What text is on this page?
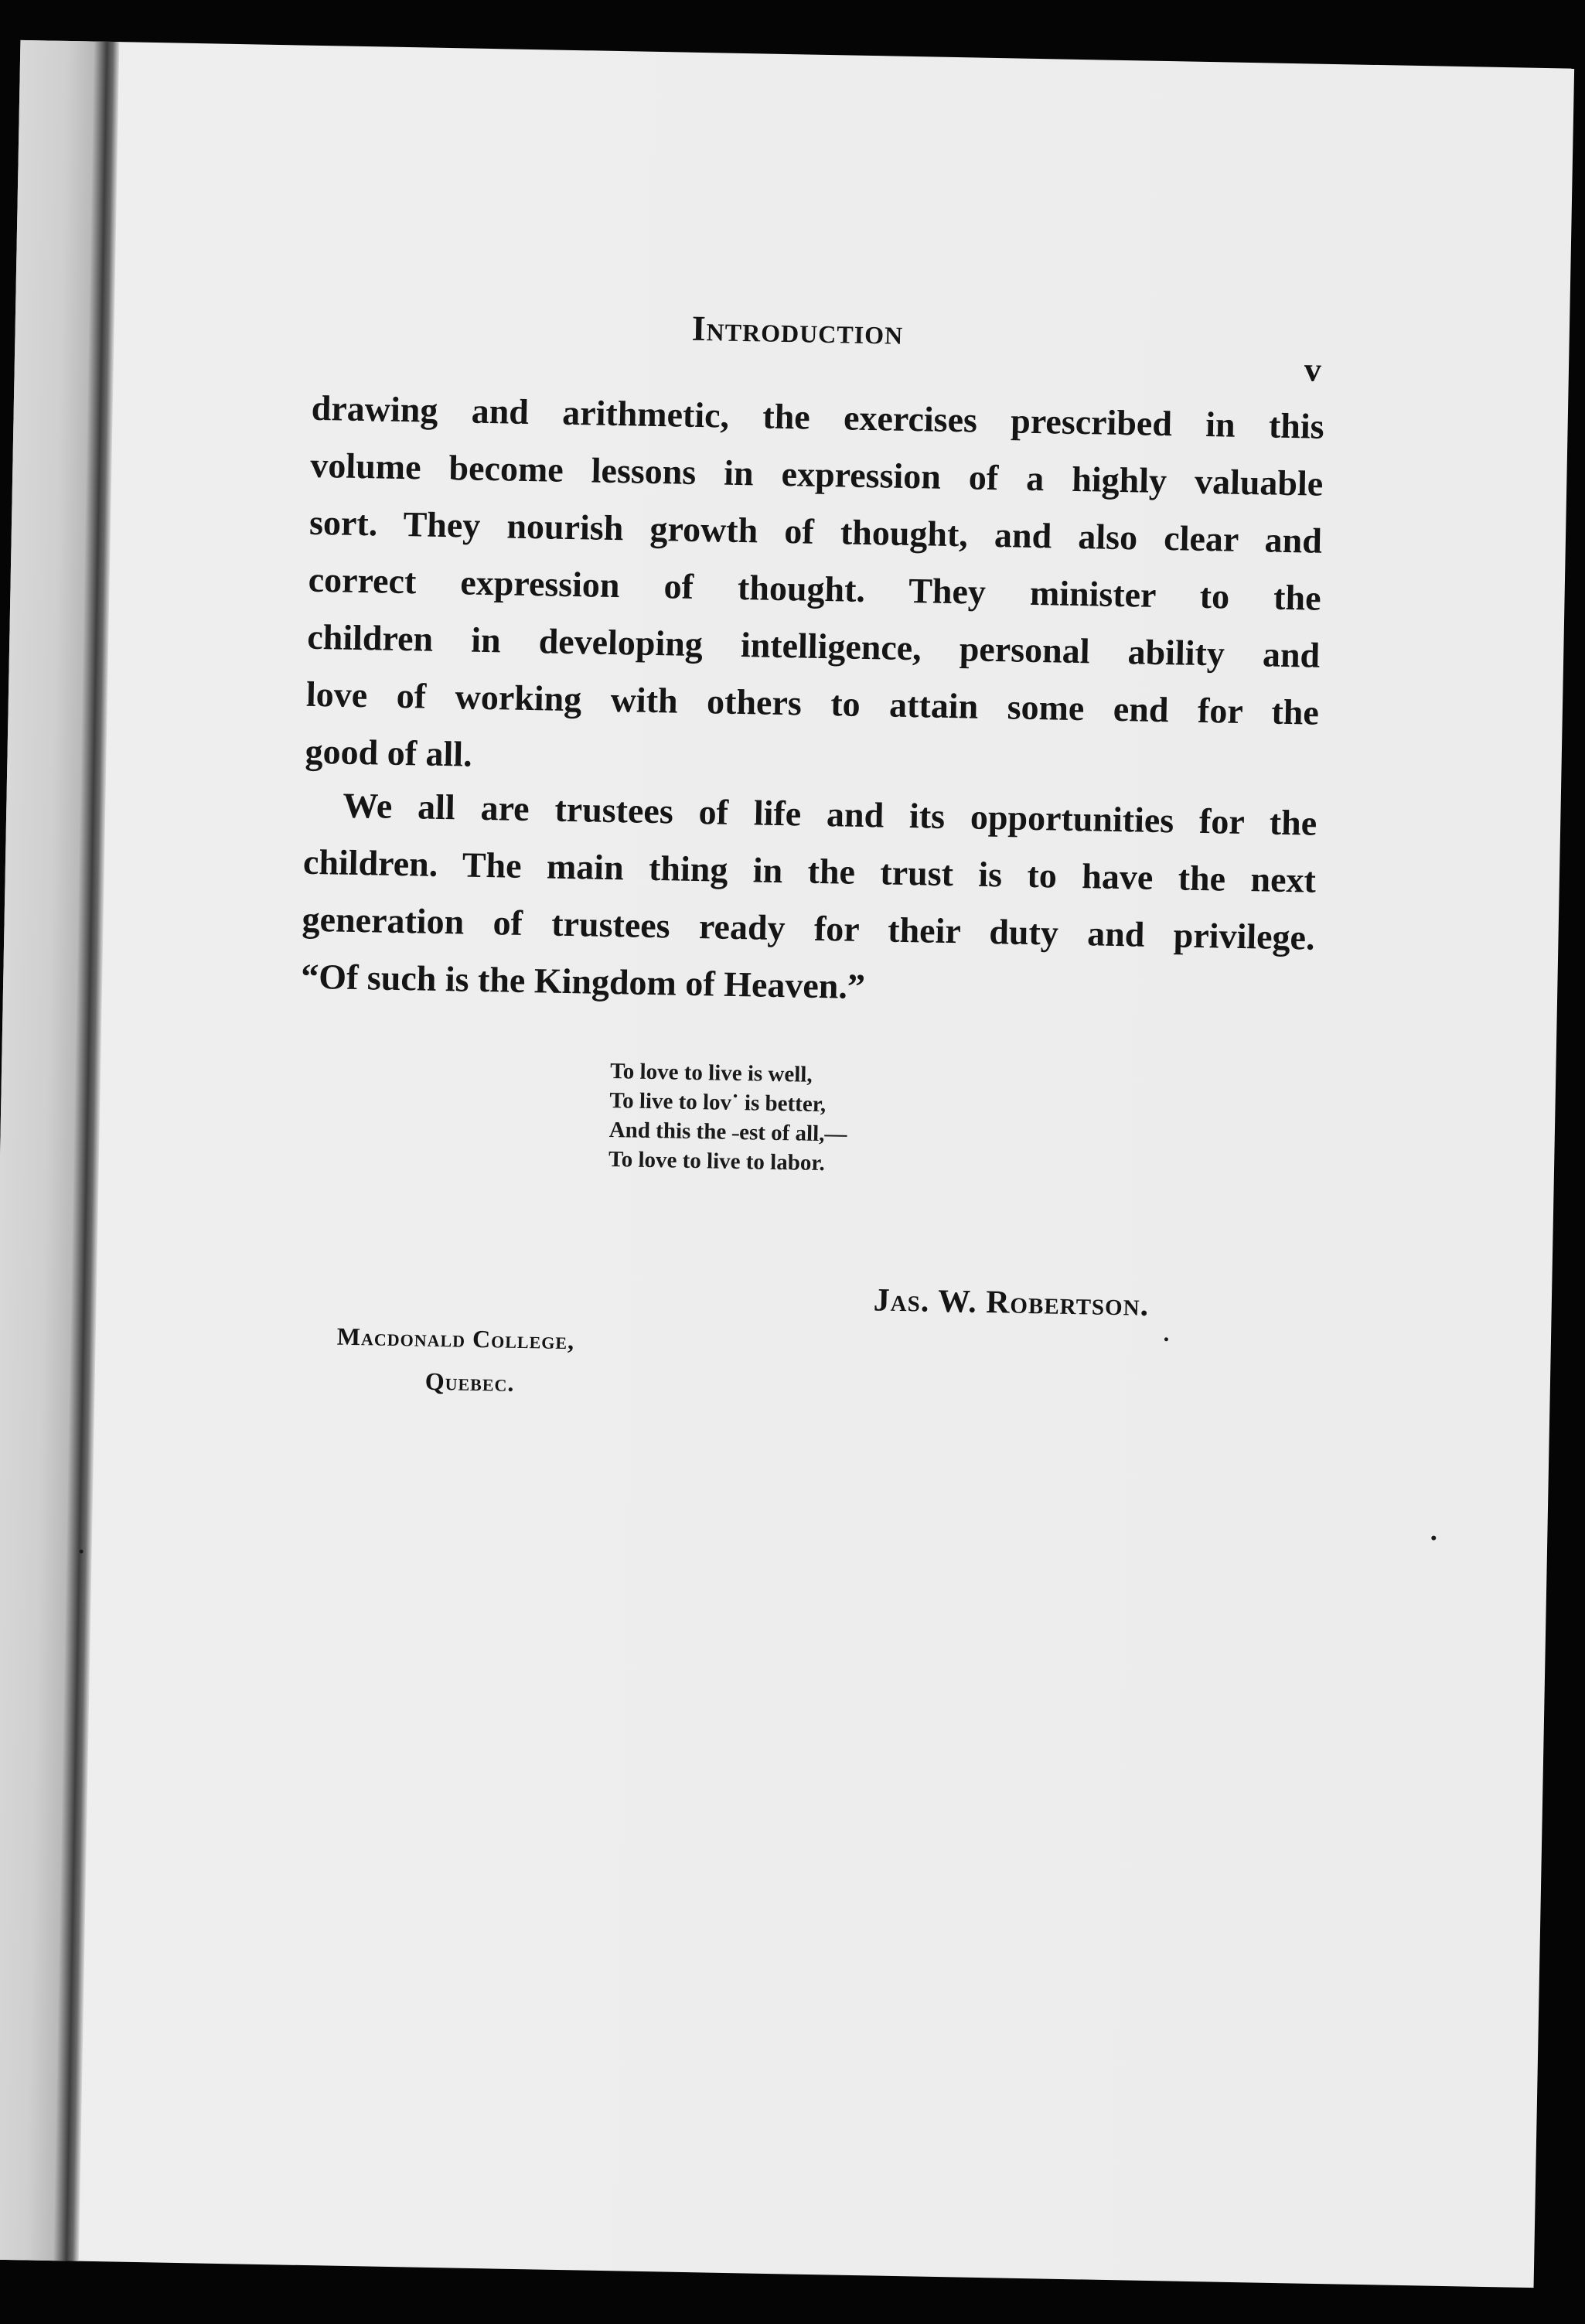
Introduction
v
drawing and arithmetic, the exercises prescribed in this
volume become lessons in expression of a highly valuable
sort. They nourish growth of thought, and also clear and
correct expression of thought. They minister to the
children in developing intelligence, personal ability and
love of working with others to attain some end for the
good of all.
We all are trustees of life and its opportunities for the
children. The main thing in the trust is to have the next
generation of trustees ready for their duty and privilege.
“Of such is the Kingdom of Heaven.”
To love to live is well,
To live to lov˙ is better,
And this the ˗est of all,—
To love to live to labor.
Jas. W. Robertson.
Macdonald College,
Quebec.
